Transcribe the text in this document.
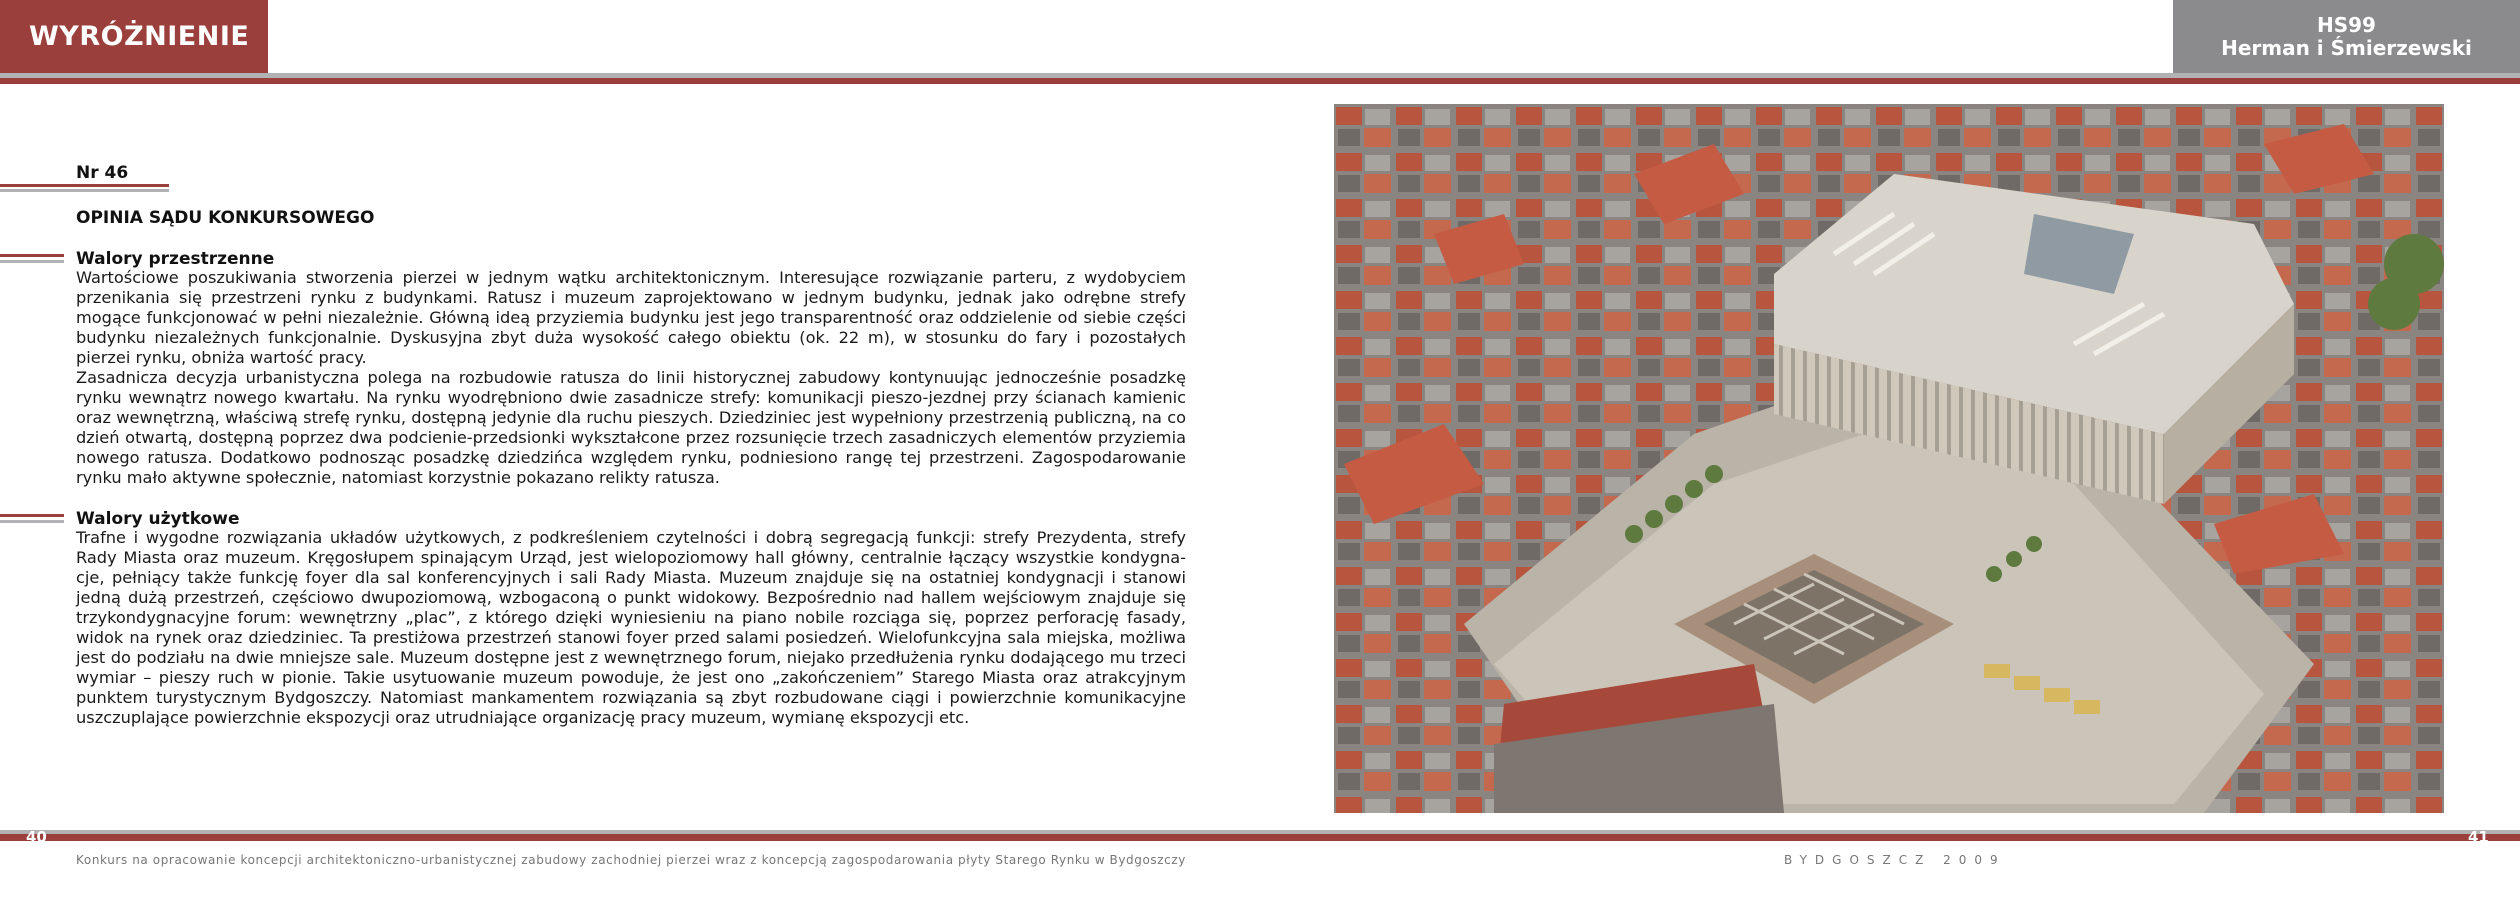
WYRÓŻNIENIE	HS99
Herman i Śmierzewski
Nr 46
OPINIA SĄDU KONKURSOWEGO
Walory przestrzenne

Wartościowe poszukiwania stworzenia pierzei w jednym wątku architektonicznym. Interesujące rozwiązanie parteru, z wydobyciem przenikania się przestrzeni rynku z budynkami. Ratusz i muzeum zaprojektowano w jednym budynku, jednak jako odrębne strefy mogące funkcjonować w pełni niezależnie. Główną ideą przyziemia budynku jest jego transparentność oraz oddzielenie od siebie części budynku niezależnych funkcjonalnie. Dyskusyjna zbyt duża wysokość całego obiektu (ok. 22 m), w stosunku do fary i pozostałych pierzei rynku, obniża wartość pracy.

Zasadnicza decyzja urbanistyczna polega na rozbudowie ratusza do linii historycznej zabudowy kontynuując jednocześnie posadzkę rynku wewnątrz nowego kwartału. Na rynku wyodrębniono dwie zasadnicze strefy: komunikacji pieszo-jezdnej przy ścianach kamienic oraz wewnętrzną, właściwą strefę rynku, dostępną jedynie dla ruchu pieszych. Dziedziniec jest wypełniony przestrzenią publiczną, na co dzień otwartą, dostępną poprzez dwa podcienie-przedsionki wykształcone przez rozsunięcie trzech zasadniczych elementów przyziemia nowego ratusza. Dodatkowo podnosząc posadzkę dziedzińca względem rynku, podniesiono rangę tej przestrzeni. Zagospodarowanie rynku mało aktywne społecznie, natomiast korzystnie pokazano relikty ratusza.

Walory użytkowe

Trafne i wygodne rozwiązania układów użytkowych, z podkreśleniem czytelności i dobrą segregacją funkcji: strefy Prezydenta, strefy Rady Miasta oraz muzeum. Kręgosłupem spinającym Urząd, jest wielopoziomowy hall główny, centralnie łączący wszystkie kondygnacje, pełniący także funkcję foyer dla sal konferencyjnych i sali Rady Miasta. Muzeum znajduje się na ostatniej kondygnacji i stanowi jedną dużą przestrzeń, częściowo dwupoziomową, wzbogaconą o punkt widokowy. Bezpośrednio nad hallem wejściowym znajduje się trzykondygnacyjne forum: wewnętrzny „plac”, z którego dzięki wyniesieniu na piano nobile rozciąga się, poprzez perforację fasady, widok na rynek oraz dziedziniec. Ta prestiżowa przestrzeń stanowi foyer przed salami posiedzeń. Wielofunkcyjna sala miejska, możliwa jest do podziału na dwie mniejsze sale. Muzeum dostępne jest z wewnętrznego forum, niejako przedłużenia rynku dodającego mu trzeci wymiar – pieszy ruch w pionie. Takie usytuowanie muzeum powoduje, że jest ono „zakończeniem” Starego Miasta oraz atrakcyjnym punktem turystycznym Bydgoszczy. Natomiast mankamentem rozwiązania są zbyt rozbudowane ciągi i powierzchnie komunikacyjne uszczuplające powierzchnie ekspozycji oraz utrudniające organizację pracy muzeum, wymianę ekspozycji etc.

40	41
Konkurs na opracowanie koncepcji architektoniczno-urbanistycznej zabudowy zachodniej pierzei wraz z koncepcją zagospodarowania płyty Starego Rynku w Bydgoszczy	BYDGOSZCZ 2009
